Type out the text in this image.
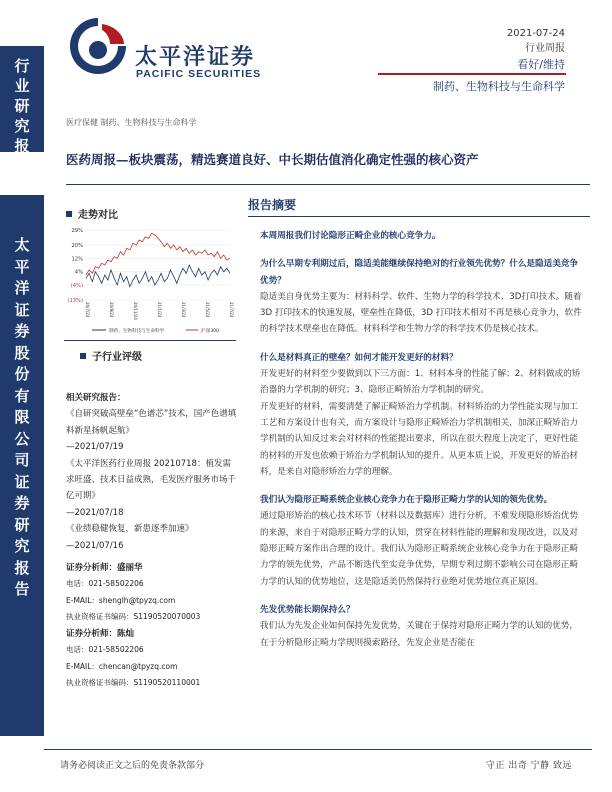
行业研究报告
太平洋证券股份有限公司证券研究报告
太平洋证券
PACIFIC SECURITIES
2021-07-24
行业周报
看好/维持
制药、生物科技与生命科学
医疗保健 制药、生物科技与生命科学
医药周报—板块震荡，精选赛道良好、中长期估值消化确定性强的核心资产
走势对比
29%
20%
12%
4%
(4%)
(13%)
20/7/24	20/9/24	20/11/24	21/1/24	21/3/24	21/5/24	21/7/24
制药、生物科技与生命科学	沪深300
子行业评级
相关研究报告：
《自研突破高壁垒“色谱芯”技术，国产色谱填料新星扬帆起航》
—2021/07/19
《太平洋医药行业周报 20210718：植发需求旺盛、技术日益成熟，毛发医疗服务市场千亿可期》
—2021/07/18
《业绩稳健恢复，新患逐季加速》
—2021/07/16
证券分析师：盛丽华
电话：021-58502206
E-MAIL：shenglh@tpyzq.com
执业资格证书编码：S1190520070003
证券分析师：陈灿
电话：021-58502206
E-MAIL：chencan@tpyzq.com
执业资格证书编码：S1190520110001
报告摘要

本周周报我们讨论隐形正畸企业的核心竞争力。

为什么早期专利期过后，隐适美能继续保持绝对的行业领先优势？什么是隐适美竞争优势？

隐适美自身优势主要为：材料科学、软件、生物力学的科学技术、3D打印技术。随着 3D 打印技术的快速发展，壁垒性在降低，3D 打印技术相对不再是核心竞争力，软件的科学技术壁垒也在降低。材料科学和生物力学的科学技术仍是核心技术。

什么是材料真正的壁垒？如何才能开发更好的材料？

开发更好的材料至少要做到以下三方面：1、材料本身的性能了解；2、材料做成的矫治器的力学机制的研究；3、隐形正畸矫治力学机制的研究。

开发更好的材料，需要清楚了解正畸矫治力学机制。材料矫治的力学性能实现与加工工艺和方案设计也有关，而方案设计与隐形正畸矫治力学机制相关，加深正畸矫治力学机制的认知反过来会对材料的性能提出要求，所以在很大程度上决定了，更好性能的材料的开发也依赖于矫治力学机制认知的提升。从更本质上说，开发更好的矫治材料，是来自对隐形矫治力学的理解。

我们认为隐形正畸系统企业核心竞争力在于隐形正畸力学的认知的领先优势。

通过隐形矫治的核心技术环节（材料以及数据库）进行分析，不难发现隐形矫治优势的来源，来自于对隐形正畸力学的认知，贯穿在材料性能的理解和发现改进，以及对隐形正畸方案作出合理的设计。我们认为隐形正畸系统企业核心竞争力在于隐形正畸力学的领先优势，产品不断迭代至实竞争优势，早期专利过期不影响公司在隐形正畸力学的认知的优势地位，这是隐适美仍然保持行业绝对优势地位真正原因。

先发优势能长期保持么？

我们认为先发企业如何保持先发优势，关键在于保持对隐形正畸力学的认知的优势，在于分析隐形正畸力学规则摸索路径，先发企业是否能在

请务必阅读正文之后的免责条款部分	守正 出奇 宁静 致远
